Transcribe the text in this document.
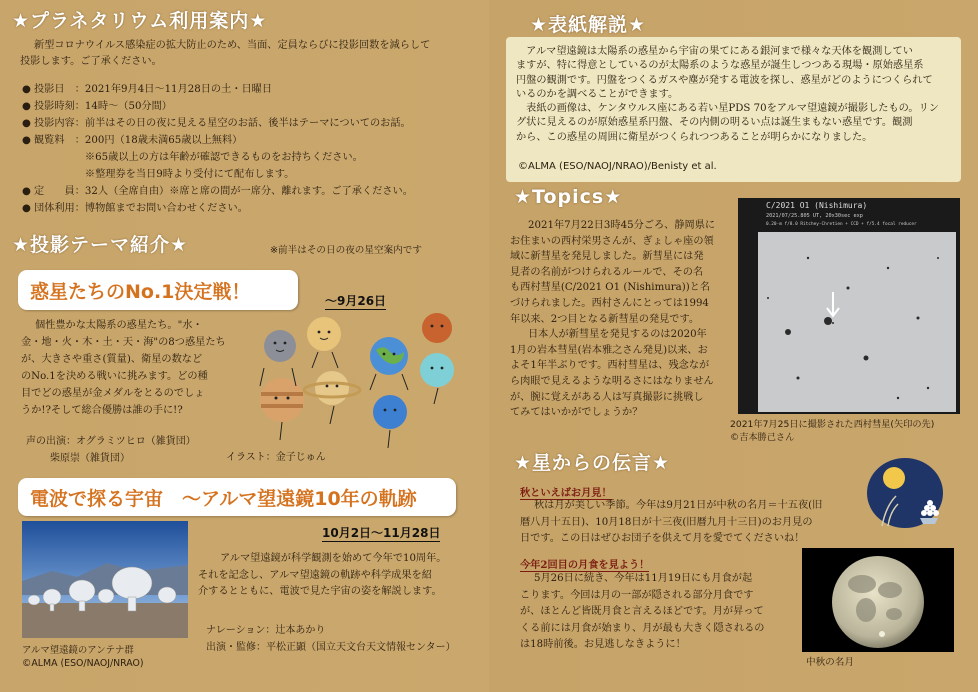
★プラネタリウム利用案内★
新型コロナウイルス感染症の拡大防止のため、当面、定員ならびに投影回数を減らして
投影します。ご了承ください。
● 投影日　：2021年9月4日～11月28日の土・日曜日
● 投影時刻：14時～（50分間）
● 投影内容：前半はその日の夜に見える星空のお話、後半はテーマについてのお話。
● 観覧料　：200円（18歳未満65歳以上無料）
　　　　　※65歳以上の方は年齢が確認できるものをお持ちください。
　　　　　※整理券を当日9時より受付にて配布します。
● 定　　員：32人（全席自由）※席と席の間が一席分、離れます。ご了承ください。
● 団体利用：博物館までお問い合わせください。
★投影テーマ紹介★	※前半はその日の夜の星空案内です
惑星たちのNo.1決定戦！	～9月26日
個性豊かな太陽系の惑星たち。"水・
金・地・火・木・土・天・海"の8つ惑星たち
が、大きさや重さ(質量)、衛星の数など
のNo.1を決める戦いに挑みます。どの種
目でどの惑星が金メダルをとるのでしょ
うか!?そして総合優勝は誰の手に!?
声の出演：オグラミツヒロ（雑貨団）
柴原崇（雑貨団）	イラスト：金子じゅん
電波で探る宇宙　～アルマ望遠鏡10年の軌跡
10月2日～11月28日
アルマ望遠鏡のアンテナ群
©ALMA (ESO/NAOJ/NRAO)
アルマ望遠鏡が科学観測を始めて今年で10周年。
それを記念し、アルマ望遠鏡の軌跡や科学成果を紹
介するとともに、電波で見た宇宙の姿を解説します。
ナレーション：辻本あかり
出演・監修：平松正顕（国立天文台天文情報センター）
★表紙解説★
　アルマ望遠鏡は太陽系の惑星から宇宙の果てにある銀河まで様々な天体を観測してい
ますが、特に得意としているのが太陽系のような惑星が誕生しつつある現場・原始惑星系
円盤の観測です。円盤をつくるガスや塵が発する電波を探し、惑星がどのようにつくられて
いるのかを調べることができます。
　表紙の画像は、ケンタウルス座にある若い星PDS 70をアルマ望遠鏡が撮影したもの。リン
グ状に見えるのが原始惑星系円盤、その内側の明るい点は誕生まもない惑星です。観測
から、この惑星の周囲に衛星がつくられつつあることが明らかになりました。
©ALMA (ESO/NAOJ/NRAO)/Benisty et al.
★Topics★
2021年7月22日3時45分ごろ、静岡県に
お住まいの西村栄男さんが、ぎょしゃ座の領
域に新彗星を発見しました。新彗星には発
見者の名前がつけられるルールで、その名
も西村彗星(C/2021 O1 (Nishimura))と名
づけられました。西村さんにとっては1994
年以来、2つ目となる新彗星の発見です。
日本人が新彗星を発見するのは2020年
1月の岩本彗星(岩本雅之さん発見)以来、お
よそ1年半ぶりです。西村彗星は、残念なが
ら肉眼で見えるような明るさにはなりません
が、腕に覚えがある人は写真撮影に挑戦し
てみてはいかがでしょうか？
C/2021 O1 (Nishimura)
2021/07/25.805 UT, 20x30sec exp
0.20-m f/8.0 Ritchey-Chretien + CCD + f/5.4 focal reducer
2021年7月25日に撮影された西村彗星(矢印の先)
©吉本勝己さん
★星からの伝言★
秋といえばお月見！
秋は月が美しい季節。今年は9月21日が中秋の名月＝十五夜(旧
暦八月十五日)、10月18日が十三夜(旧暦九月十三日)のお月見の
日です。この日はぜひお団子を供えて月を愛でてくださいね！
今年2回目の月食を見よう！
5月26日に続き、今年は11月19日にも月食が起
こります。今回は月の一部が隠される部分月食です
が、ほとんど皆既月食と言えるほどです。月が昇って
くる前には月食が始まり、月が最も大きく隠されるの
は18時前後。お見逃しなきように！
中秋の名月
